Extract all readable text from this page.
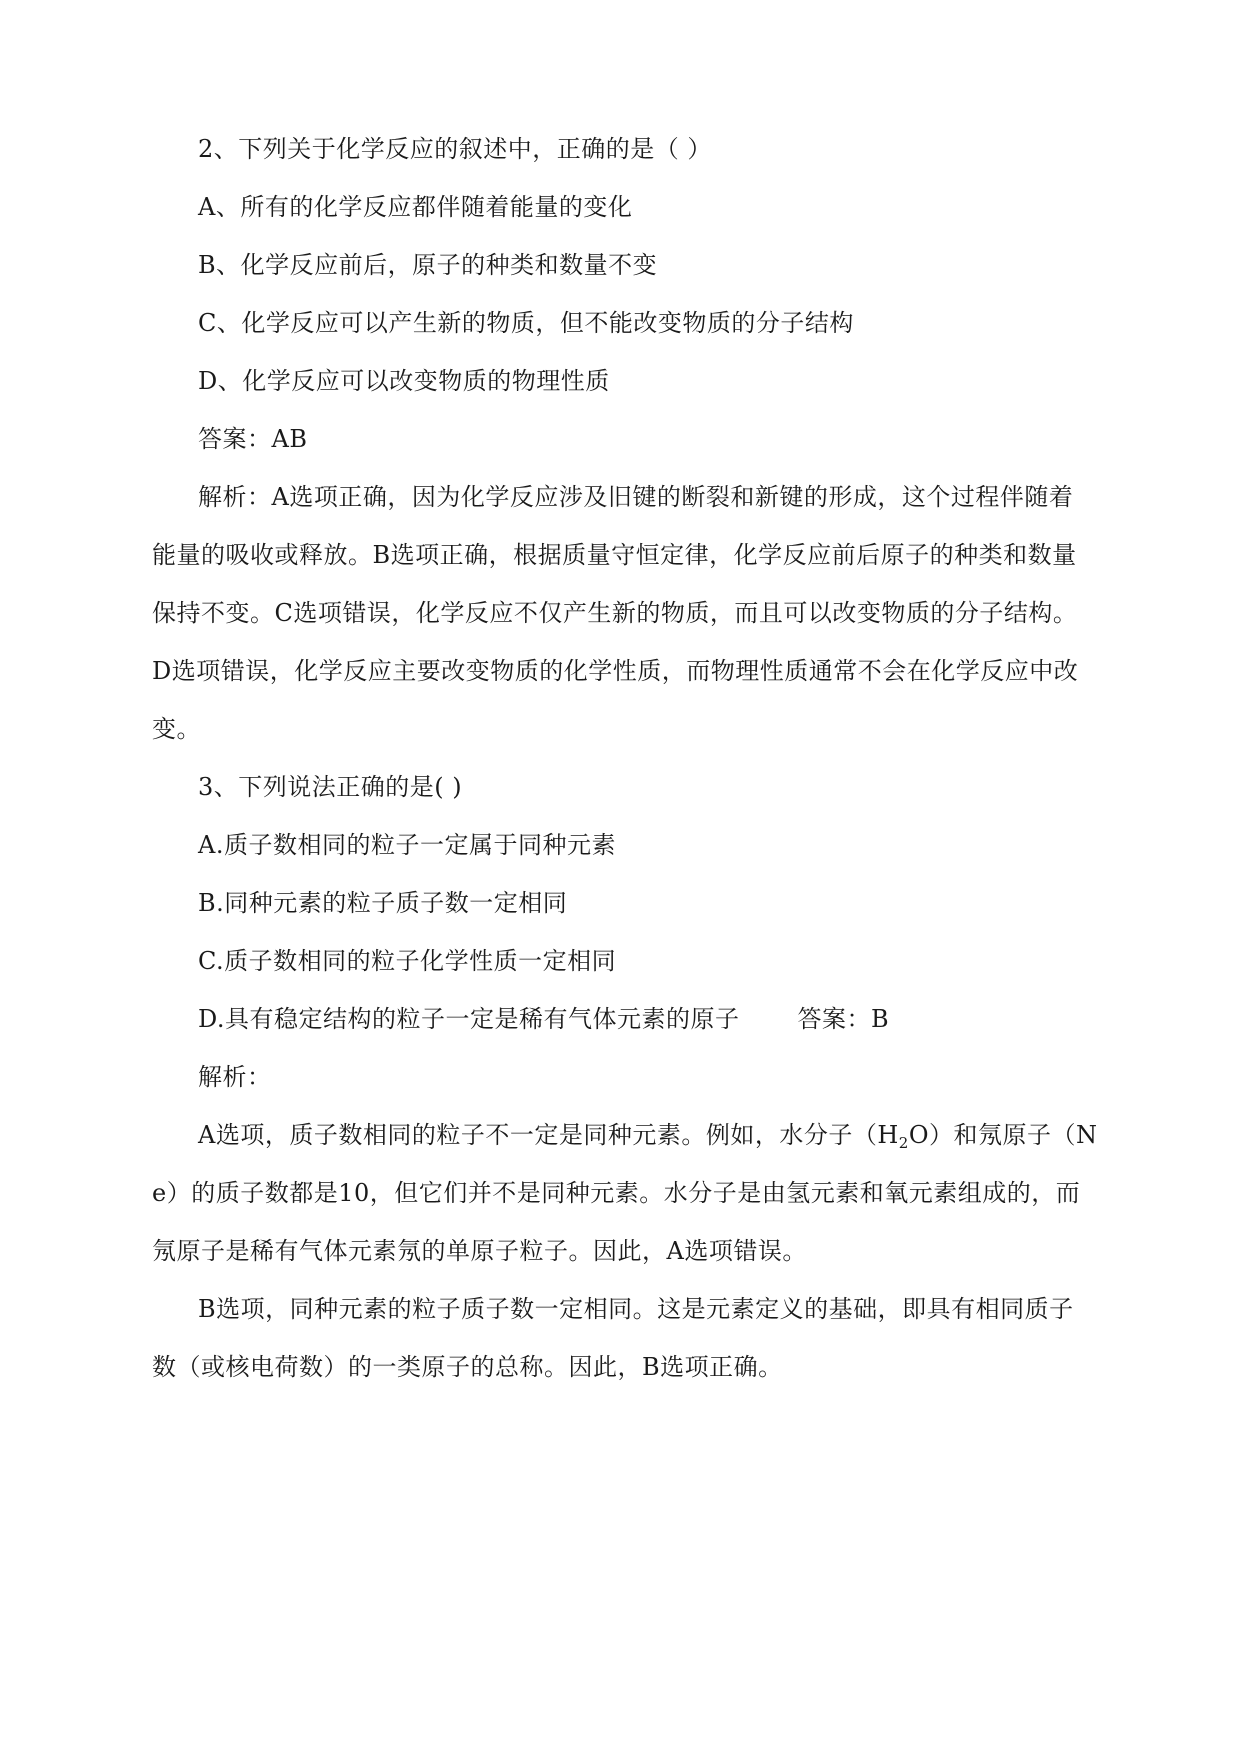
2、下列关于化学反应的叙述中，正确的是（ ）
A、所有的化学反应都伴随着能量的变化
B、化学反应前后，原子的种类和数量不变
C、化学反应可以产生新的物质，但不能改变物质的分子结构
D、化学反应可以改变物质的物理性质
答案：AB
解析：A选项正确，因为化学反应涉及旧键的断裂和新键的形成，这个过程伴随着
能量的吸收或释放。B选项正确，根据质量守恒定律，化学反应前后原子的种类和数量
保持不变。C选项错误，化学反应不仅产生新的物质，而且可以改变物质的分子结构。
D选项错误，化学反应主要改变物质的化学性质，而物理性质通常不会在化学反应中改
变。
3、下列说法正确的是( )
A.质子数相同的粒子一定属于同种元素
B.同种元素的粒子质子数一定相同
C.质子数相同的粒子化学性质一定相同
D.具有稳定结构的粒子一定是稀有气体元素的原子 答案：B
解析：
A选项，质子数相同的粒子不一定是同种元素。例如，水分子$(H_2O)$和氖原子（N
e）的质子数都是10，但它们并不是同种元素。水分子是由氢元素和氧元素组成的，而
氖原子是稀有气体元素氖的单原子粒子。因此，A选项错误。
B选项，同种元素的粒子质子数一定相同。这是元素定义的基础，即具有相同质子
数（或核电荷数）的一类原子的总称。因此，B选项正确。
